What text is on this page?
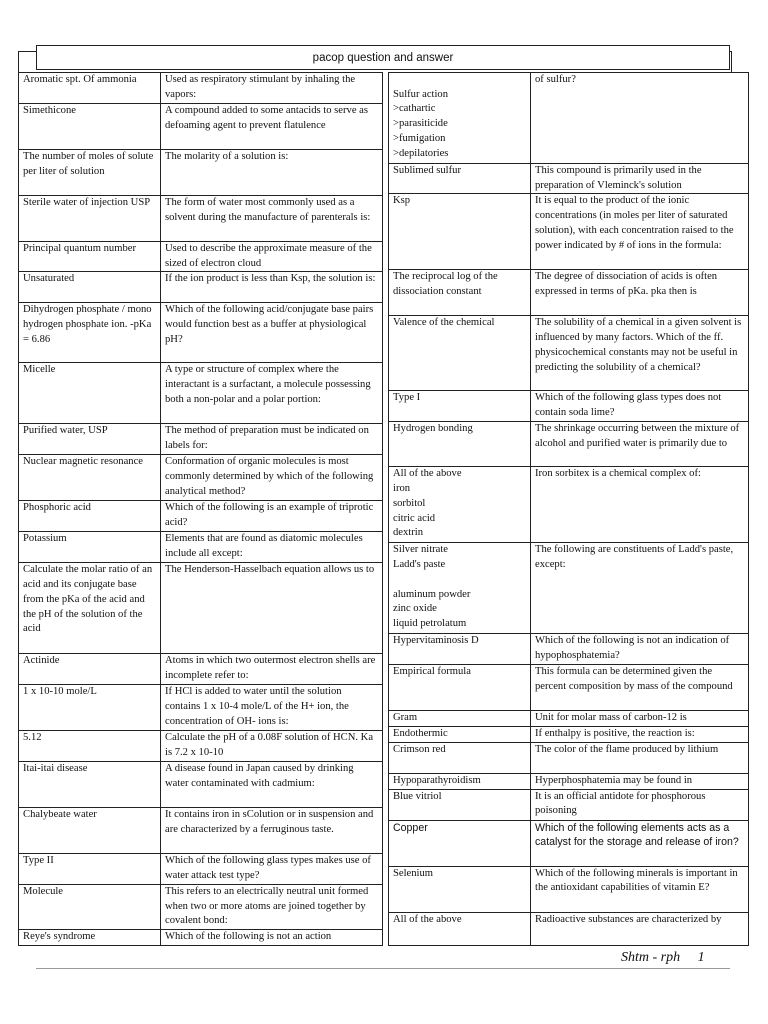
pacop question and answer
Aromatic spt. Of ammonia	Used as respiratory stimulant by inhaling the vapors:
Simethicone	A compound added to some antacids to serve as defoaming agent to prevent flatulence
The number of moles of solute per liter of solution	The molarity of a solution is:
Sterile water of injection USP	The form of water most commonly used as a solvent during the manufacture of parenterals is:
Principal quantum number	Used to describe the approximate measure of the sized of electron cloud
Unsaturated	If the ion product is less than Ksp, the solution is:
Dihydrogen phosphate / mono hydrogen phosphate ion. -pKa = 6.86	Which of the following acid/conjugate base pairs would function best as a buffer at physiological pH?
Micelle	A type or structure of complex where the interactant is a surfactant, a molecule possessing both a non-polar and a polar portion:
Purified water, USP	The method of preparation must be indicated on labels for:
Nuclear magnetic resonance	Conformation of organic molecules is most commonly determined by which of the following analytical method?
Phosphoric acid	Which of the following is an example of triprotic acid?
Potassium	Elements that are found as diatomic molecules include all except:
Calculate the molar ratio of an acid and its conjugate base from the pKa of the acid and the pH of the solution of the acid	The Henderson-Hasselbach equation allows us to
Actinide	Atoms in which two outermost electron shells are incomplete refer to:
1 x 10-10 mole/L	If HCl is added to water until the solution contains 1 x 10-4 mole/L of the H+ ion, the concentration of OH- ions is:
5.12	Calculate the pH of a 0.08F solution of HCN. Ka is 7.2 x 10-10
Itai-itai disease	A disease found in Japan caused by drinking water contaminated with cadmium:
Chalybeate water	It contains iron in sColution or in suspension and are characterized by a ferruginous taste.
Type II	Which of the following glass types makes use of water attack test type?
Molecule	This refers to an electrically neutral unit formed when two or more atoms are joined together by covalent bond:
Reye's syndrome	Which of the following is not an action

Sulfur action
>cathartic
>parasiticide
>fumigation
>depilatories	of sulfur?
Sublimed sulfur	This compound is primarily used in the preparation of Vleminck's solution
Ksp	It is equal to the product of the ionic concentrations (in moles per liter of saturated solution), with each concentration raised to the power indicated by # of ions in the formula:
The reciprocal log of the dissociation constant	The degree of dissociation of acids is often expressed in terms of pKa. pka then is
Valence of the chemical	The solubility of a chemical in a given solvent is influenced by many factors. Which of the ff. physicochemical constants may not be useful in predicting the solubility of a chemical?
Type I	Which of the following glass types does not contain soda lime?
Hydrogen bonding	The shrinkage occurring between the mixture of alcohol and purified water is primarily due to
All of the above
iron
sorbitol
citric acid
dextrin	Iron sorbitex is a chemical complex of:
Silver nitrate
Ladd's paste

aluminum powder
zinc oxide
liquid petrolatum	The following are constituents of Ladd's paste, except:
Hypervitaminosis D	Which of the following is not an indication of hypophosphatemia?
Empirical formula	This formula can be determined given the percent composition by mass of the compound
Gram	Unit for molar mass of carbon-12 is
Endothermic	If enthalpy is positive, the reaction is:
Crimson red	The color of the flame produced by lithium
Hypoparathyroidism	Hyperphosphatemia may be found in
Blue vitriol	It is an official antidote for phosphorous poisoning
Copper	Which of the following elements acts as a catalyst for the storage and release of iron?
Selenium	Which of the following minerals is important in the antioxidant capabilities of vitamin E?
All of the above	Radioactive substances are characterized by
Shtm - rph     1
